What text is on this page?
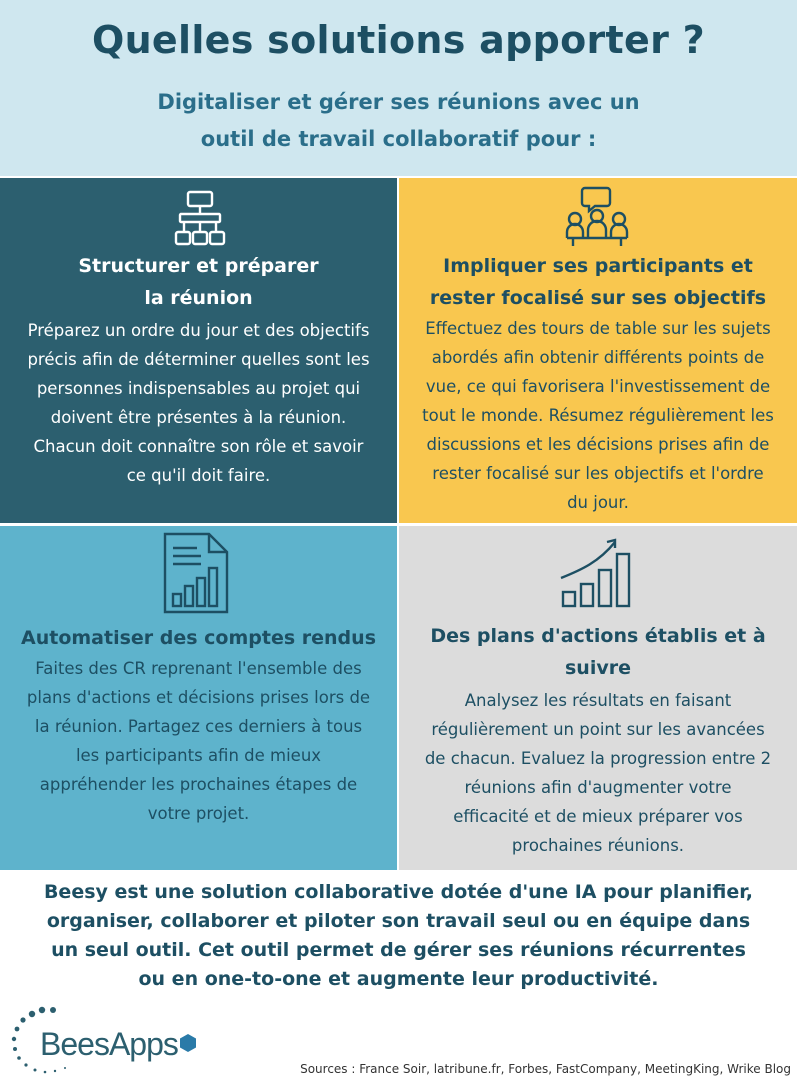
Quelles solutions apporter ?
Digitaliser et gérer ses réunions avec un
outil de travail collaboratif pour :
Structurer et préparer
la réunion
Préparez un ordre du jour et des objectifs
précis afin de déterminer quelles sont les
personnes indispensables au projet qui
doivent être présentes à la réunion.
Chacun doit connaître son rôle et savoir
ce qu'il doit faire.
Impliquer ses participants et
rester focalisé sur ses objectifs
Effectuez des tours de table sur les sujets
abordés afin obtenir différents points de
vue, ce qui favorisera l'investissement de
tout le monde. Résumez régulièrement les
discussions et les décisions prises afin de
rester focalisé sur les objectifs et l'ordre
du jour.
Automatiser des comptes rendus
Faites des CR reprenant l'ensemble des
plans d'actions et décisions prises lors de
la réunion. Partagez ces derniers à tous
les participants afin de mieux
appréhender les prochaines étapes de
votre projet.
Des plans d'actions établis et à
suivre
Analysez les résultats en faisant
régulièrement un point sur les avancées
de chacun. Evaluez la progression entre 2
réunions afin d'augmenter votre
efficacité et de mieux préparer vos
prochaines réunions.
Beesy est une solution collaborative dotée d'une IA pour planifier,
organiser, collaborer et piloter son travail seul ou en équipe dans
un seul outil. Cet outil permet de gérer ses réunions récurrentes
ou en one-to-one et augmente leur productivité.
BeesApps
Sources : France Soir, latribune.fr, Forbes, FastCompany, MeetingKing, Wrike Blog
